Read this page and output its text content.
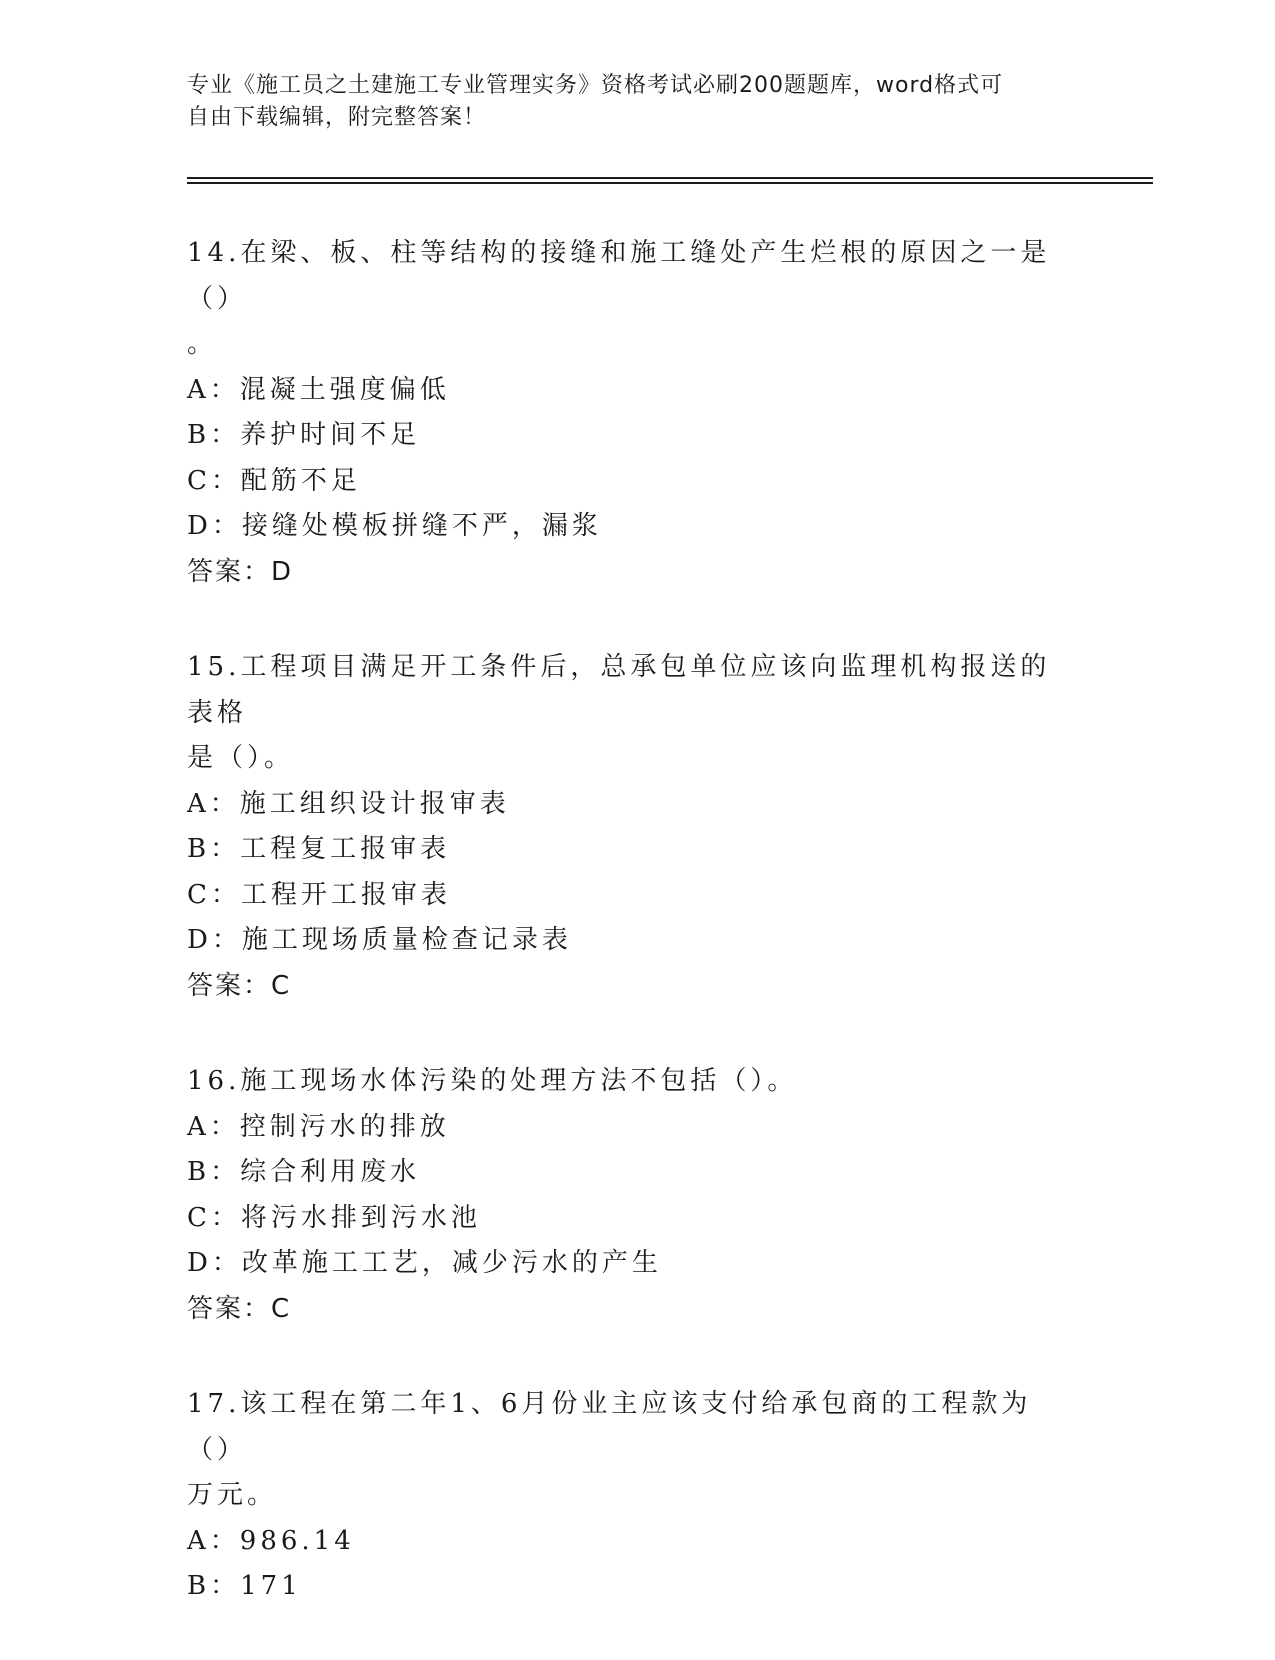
专业《施工员之土建施工专业管理实务》资格考试必刷200题题库，word格式可
自由下载编辑，附完整答案！
14.在梁、板、柱等结构的接缝和施工缝处产生烂根的原因之一是（）
。
A：混凝土强度偏低
B：养护时间不足
C：配筋不足
D：接缝处模板拼缝不严，漏浆
答案：D
15.工程项目满足开工条件后，总承包单位应该向监理机构报送的表格
是（）。
A：施工组织设计报审表
B：工程复工报审表
C：工程开工报审表
D：施工现场质量检查记录表
答案：C
16.施工现场水体污染的处理方法不包括（）。
A：控制污水的排放
B：综合利用废水
C：将污水排到污水池
D：改革施工工艺，减少污水的产生
答案：C
17.该工程在第二年1、6月份业主应该支付给承包商的工程款为（）
万元。
A：986.14
B：171
